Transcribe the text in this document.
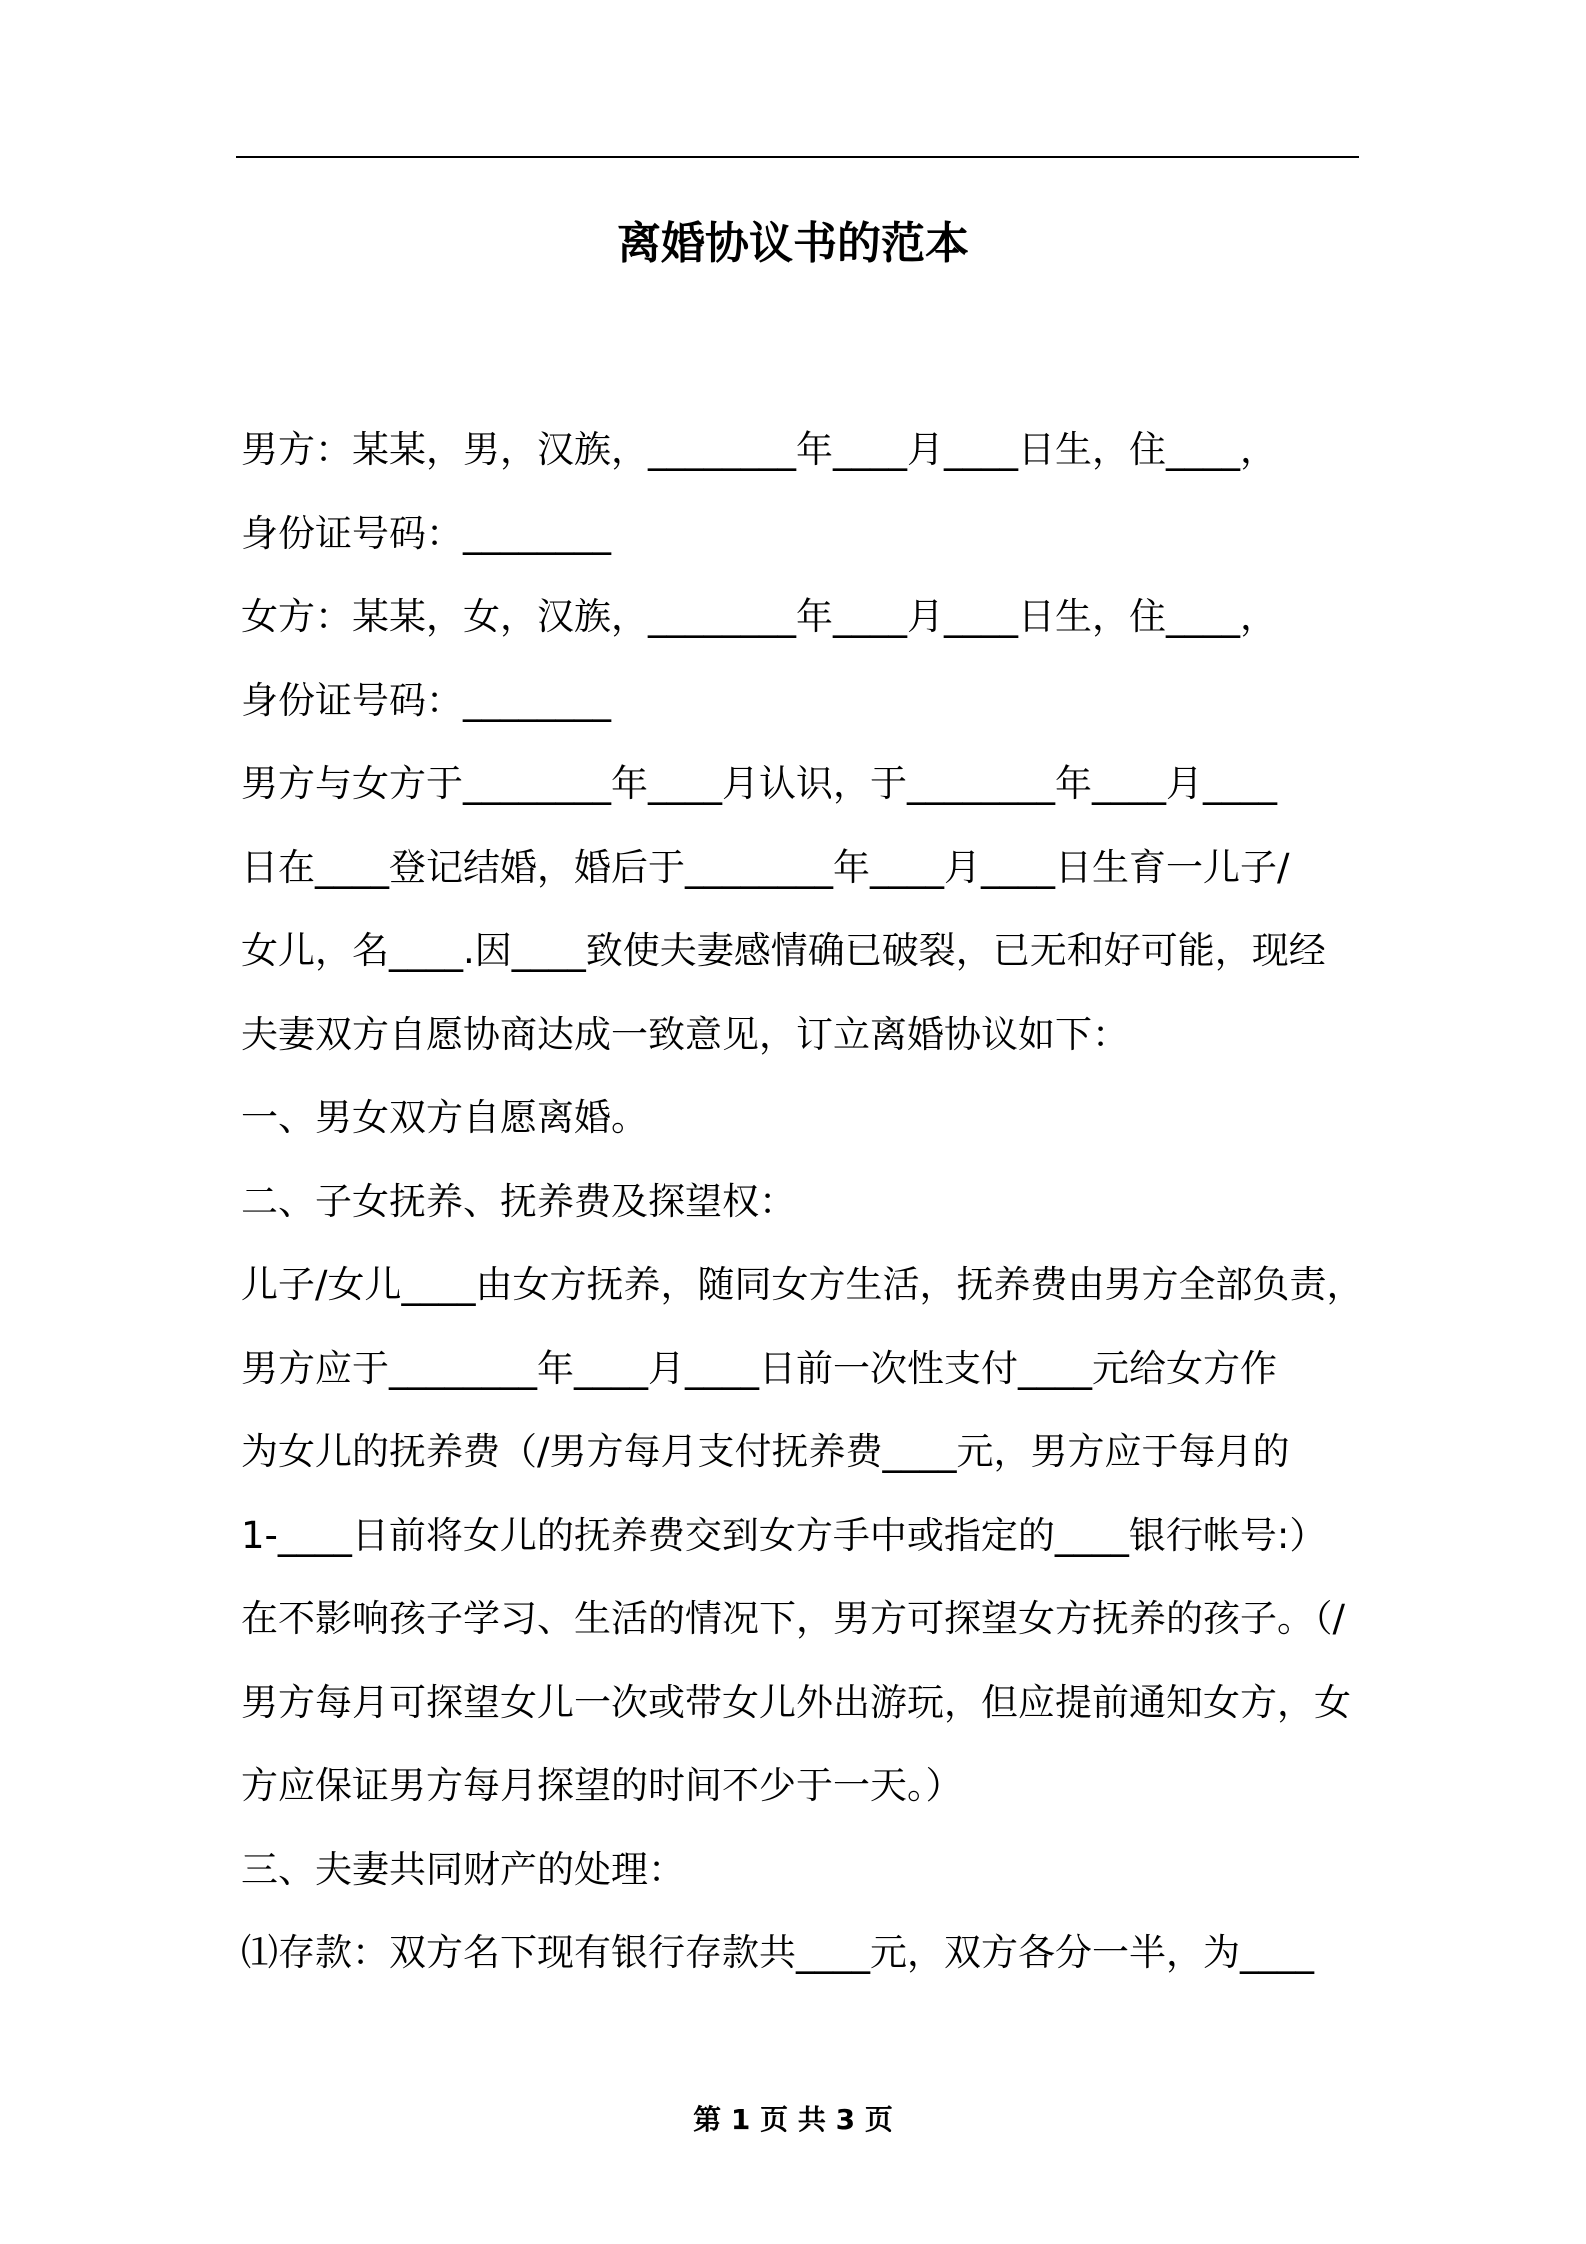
离婚协议书的范本
男方：某某，男，汉族，________年____月____日生，住____，
身份证号码：________
女方：某某，女，汉族，________年____月____日生，住____，
身份证号码：________
男方与女方于________年____月认识，于________年____月____
日在____登记结婚，婚后于________年____月____日生育一儿子/
女儿，名____.因____致使夫妻感情确已破裂，已无和好可能，现经
夫妻双方自愿协商达成一致意见，订立离婚协议如下：
一、男女双方自愿离婚。
二、子女抚养、抚养费及探望权：
儿子/女儿____由女方抚养，随同女方生活，抚养费由男方全部负责，
男方应于________年____月____日前一次性支付____元给女方作
为女儿的抚养费（/男方每月支付抚养费____元，男方应于每月的
1-____日前将女儿的抚养费交到女方手中或指定的____银行帐号:）
在不影响孩子学习、生活的情况下，男方可探望女方抚养的孩子。（/
男方每月可探望女儿一次或带女儿外出游玩，但应提前通知女方，女
方应保证男方每月探望的时间不少于一天。）
三、夫妻共同财产的处理：
⑴存款：双方名下现有银行存款共____元，双方各分一半，为____
第 1 页 共 3 页
